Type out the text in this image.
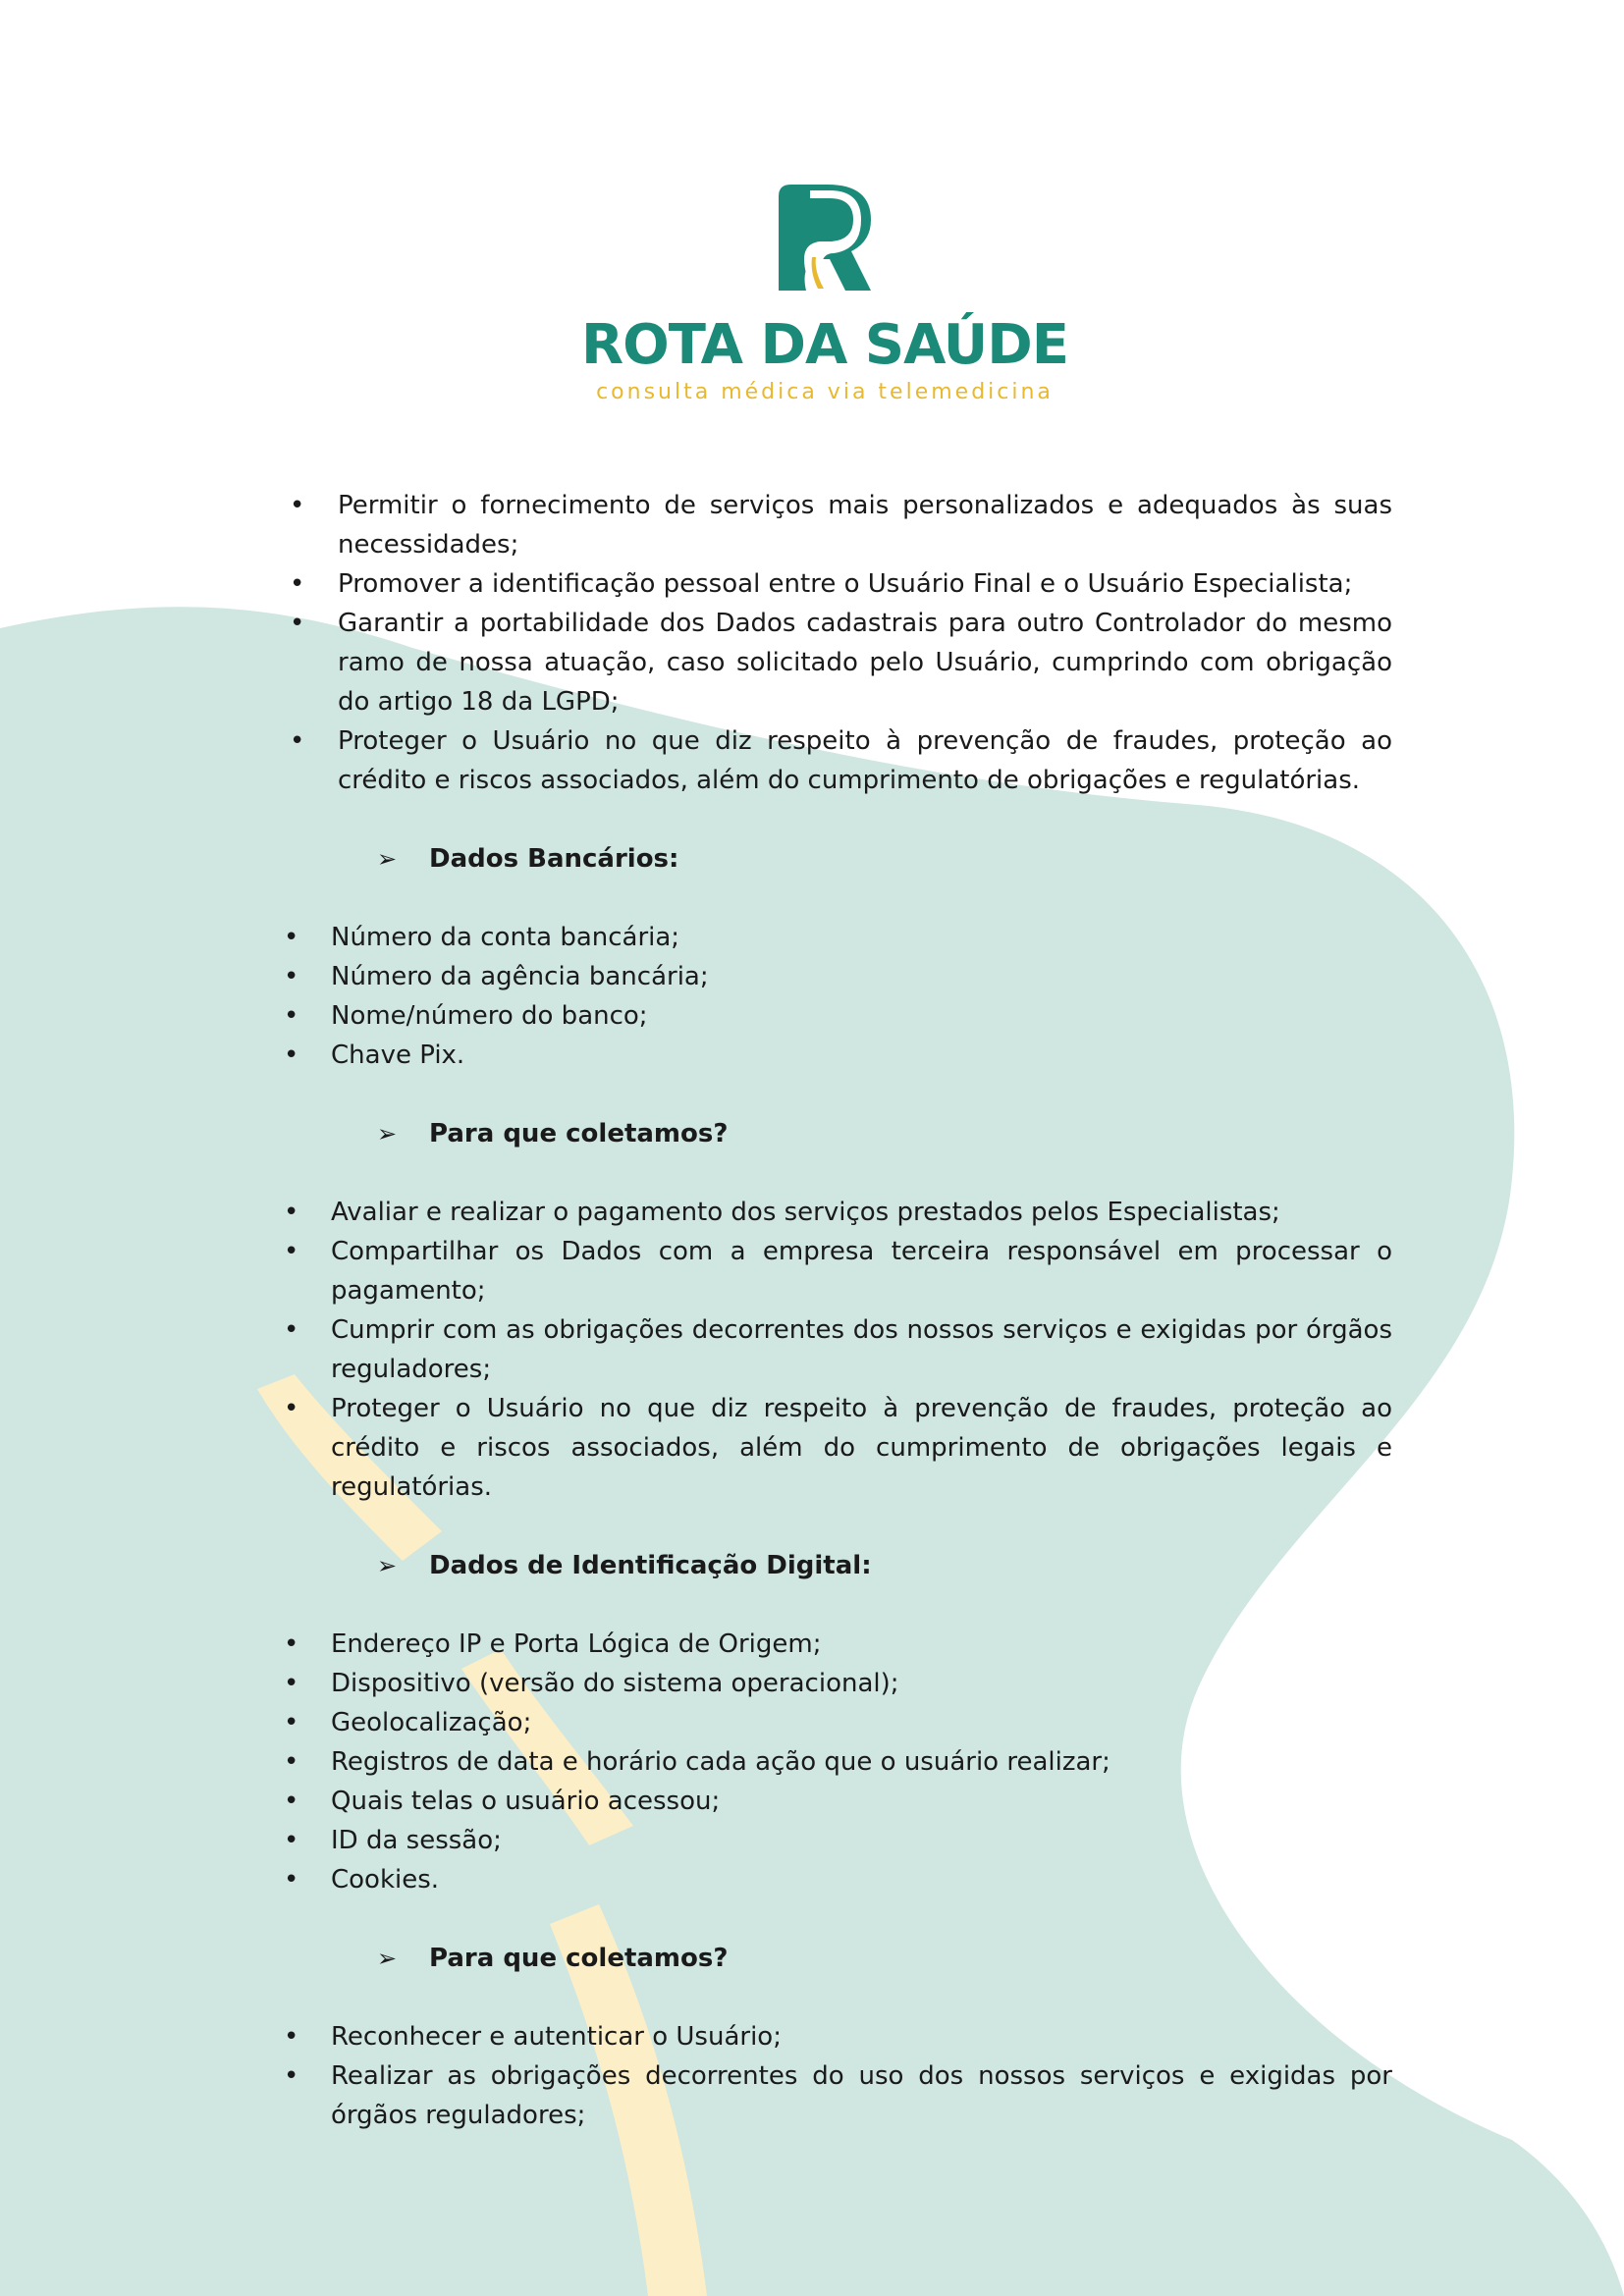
ROTA DA SAÚDE
consulta médica via telemedicina
• Permitir o fornecimento de serviços mais personalizados e adequados às suas necessidades;
• Promover a identificação pessoal entre o Usuário Final e o Usuário Especialista;
• Garantir a portabilidade dos Dados cadastrais para outro Controlador do mesmo ramo de nossa atuação, caso solicitado pelo Usuário, cumprindo com obrigação do artigo 18 da LGPD;
• Proteger o Usuário no que diz respeito à prevenção de fraudes, proteção ao crédito e riscos associados, além do cumprimento de obrigações e regulatórias.
➢ Dados Bancários:
• Número da conta bancária;
• Número da agência bancária;
• Nome/número do banco;
• Chave Pix.
➢ Para que coletamos?
• Avaliar e realizar o pagamento dos serviços prestados pelos Especialistas;
• Compartilhar os Dados com a empresa terceira responsável em processar o pagamento;
• Cumprir com as obrigações decorrentes dos nossos serviços e exigidas por órgãos reguladores;
• Proteger o Usuário no que diz respeito à prevenção de fraudes, proteção ao crédito e riscos associados, além do cumprimento de obrigações legais e regulatórias.
➢ Dados de Identificação Digital:
• Endereço IP e Porta Lógica de Origem;
• Dispositivo (versão do sistema operacional);
• Geolocalização;
• Registros de data e horário cada ação que o usuário realizar;
• Quais telas o usuário acessou;
• ID da sessão;
• Cookies.
➢ Para que coletamos?
• Reconhecer e autenticar o Usuário;
• Realizar as obrigações decorrentes do uso dos nossos serviços e exigidas por órgãos reguladores;
